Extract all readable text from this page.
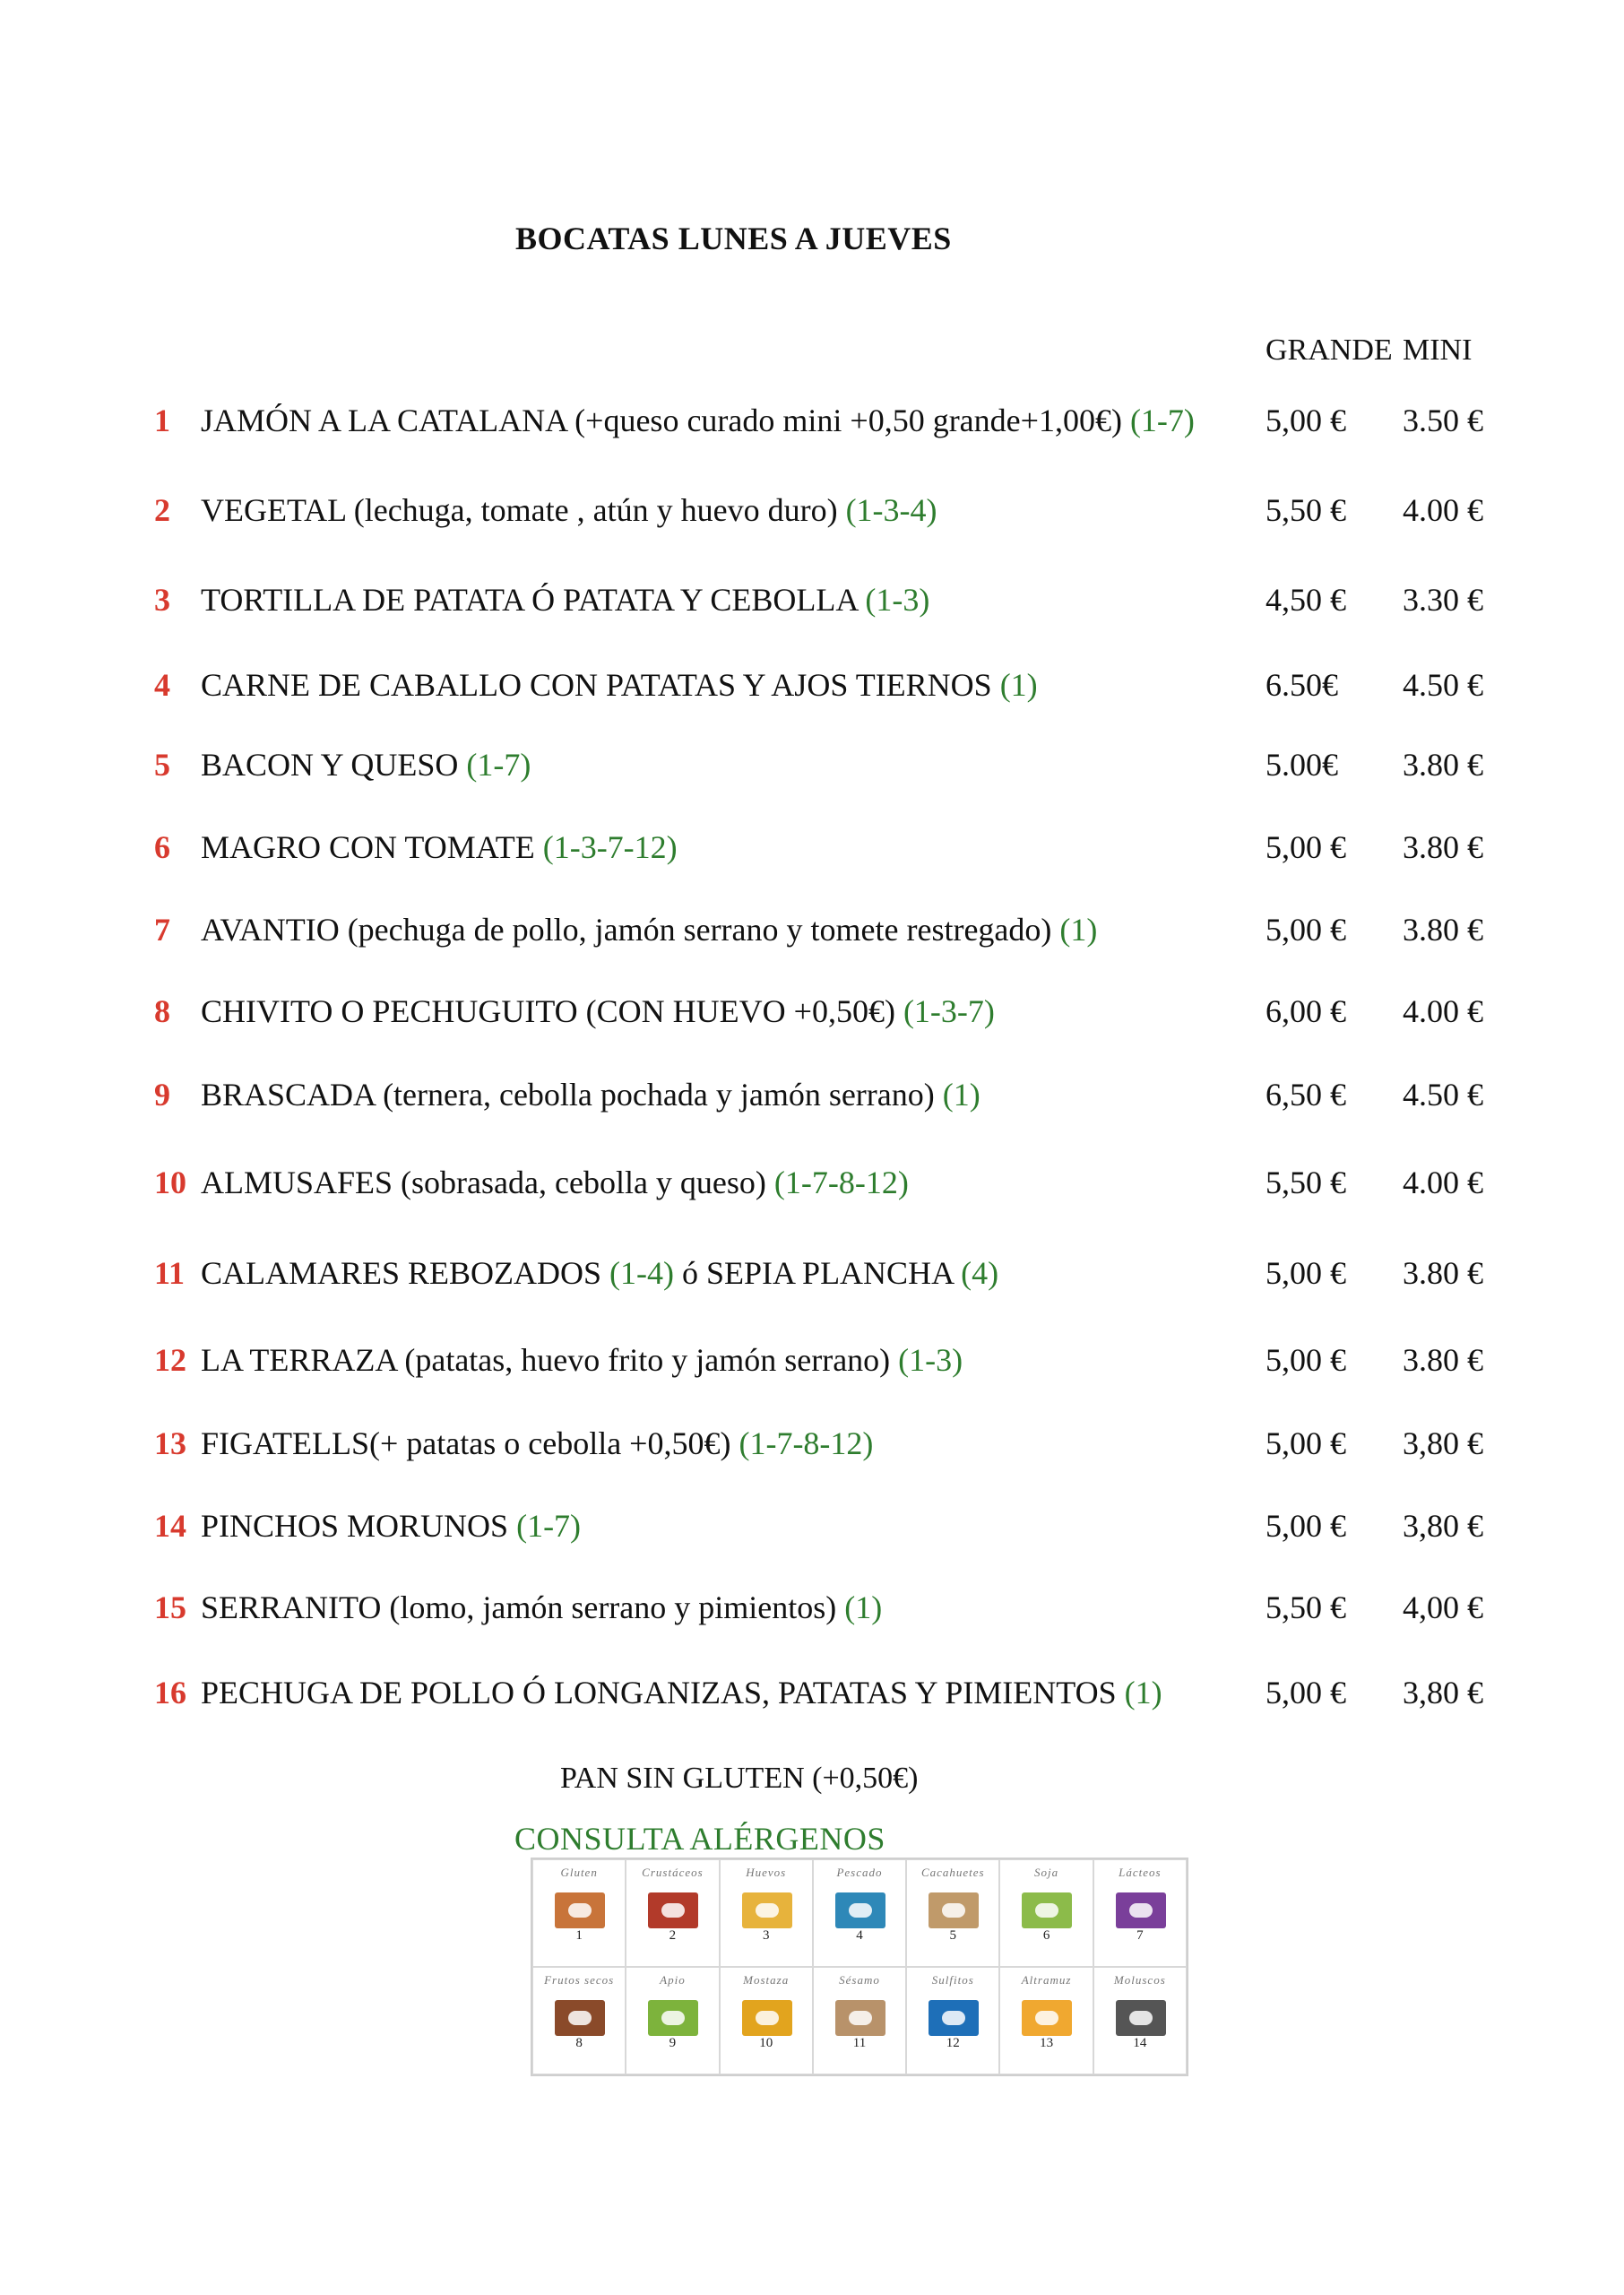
BOCATAS LUNES A JUEVES
GRANDE MINI
1 JAMÓN A LA CATALANA (+queso curado mini +0,50 grande+1,00€) (1-7) 5,00 € 3.50 €
2 VEGETAL (lechuga, tomate , atún y huevo duro) (1-3-4)	5,50 € 4.00 €
3 TORTILLA DE PATATA Ó PATATA Y CEBOLLA (1-3)	4,50 € 3.30 €
4 CARNE DE CABALLO CON PATATAS Y AJOS TIERNOS (1)	6.50€ 4.50 €
5 BACON Y QUESO (1-7)	5.00€ 3.80 €
6 MAGRO CON TOMATE (1-3-7-12)	5,00 € 3.80 €
7 AVANTIO (pechuga de pollo, jamón serrano y tomete restregado) (1)	5,00 € 3.80 €
8 CHIVITO O PECHUGUITO (CON HUEVO +0,50€) (1-3-7)	6,00 € 4.00 €
9 BRASCADA (ternera, cebolla pochada y jamón serrano) (1)	6,50 € 4.50 €
10 ALMUSAFES (sobrasada, cebolla y queso) (1-7-8-12)	5,50 € 4.00 €
11 CALAMARES REBOZADOS (1-4) ó SEPIA PLANCHA (4)	5,00 € 3.80 €
12 LA TERRAZA (patatas, huevo frito y jamón serrano) (1-3)	5,00 € 3.80 €
13 FIGATELLS(+ patatas o cebolla +0,50€) (1-7-8-12)	5,00 € 3,80 €
14 PINCHOS MORUNOS (1-7)	5,00 € 3,80 €
15 SERRANITO (lomo, jamón serrano y pimientos) (1)	5,50 € 4,00 €
16 PECHUGA DE POLLO Ó LONGANIZAS, PATATAS Y PIMIENTOS (1)	5,00 € 3,80 €
PAN SIN GLUTEN (+0,50€)
CONSULTA ALÉRGENOS
Gluten
1
Crustáceos
2
Huevos
3
Pescado
4
Cacahuetes
5
Soja
6
Lácteos
7
Frutos secos
8
Apio
9
Mostaza
10
Sésamo
11
Sulfitos
12
Altramuz
13
Moluscos
14
